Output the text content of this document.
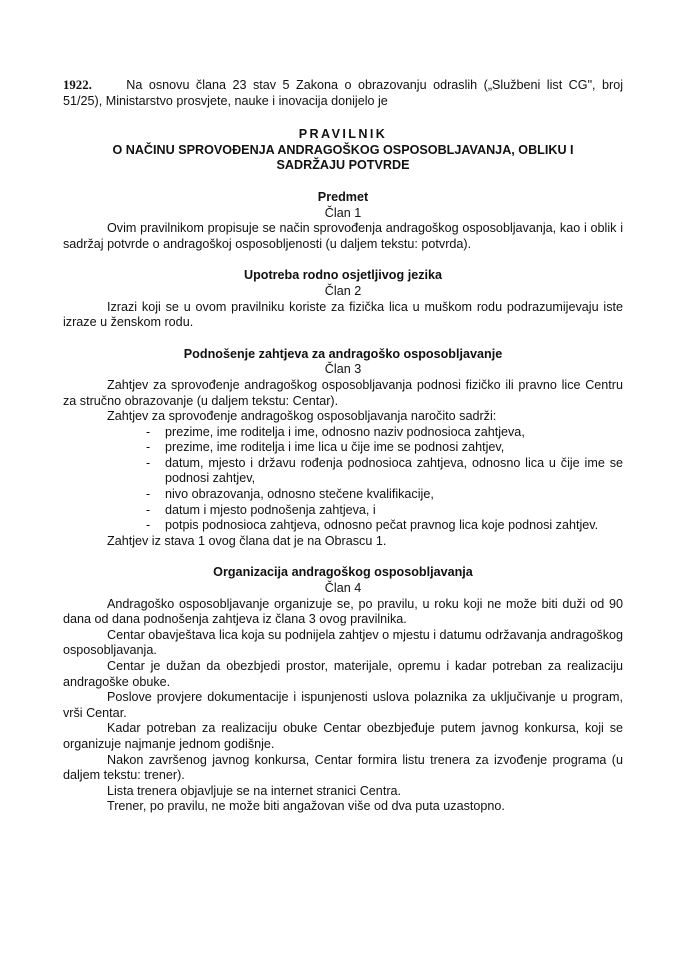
1922.	Na osnovu člana 23 stav 5 Zakona o obrazovanju odraslih („Službeni list CG", broj 51/25), Ministarstvo prosvjete, nauke i inovacija donijelo je

PRAVILNIK

O NAČINU SPROVOĐENJA ANDRAGOŠKOG OSPOSOBLJAVANJA, OBLIKU I SADRŽAJU POTVRDE

Predmet

Član 1

Ovim pravilnikom propisuje se način sprovođenja andragoškog osposobljavanja, kao i oblik i sadržaj potvrde o andragoškoj osposobljenosti (u daljem tekstu: potvrda).

Upotreba rodno osjetljivog jezika

Član 2

Izrazi koji se u ovom pravilniku koriste za fizička lica u muškom rodu podrazumijevaju iste izraze u ženskom rodu.

Podnošenje zahtjeva za andragoško osposobljavanje

Član 3

Zahtjev za sprovođenje andragoškog osposobljavanja podnosi fizičko ili pravno lice Centru za stručno obrazovanje (u daljem tekstu: Centar).

Zahtjev za sprovođenje andragoškog osposobljavanja naročito sadrži:

-	prezime, ime roditelja i ime, odnosno naziv podnosioca zahtjeva,
-	prezime, ime roditelja i ime lica u čije ime se podnosi zahtjev,
-	datum, mjesto i državu rođenja podnosioca zahtjeva, odnosno lica u čije ime se podnosi zahtjev,
-	nivo obrazovanja, odnosno stečene kvalifikacije,
-	datum i mjesto podnošenja zahtjeva, i
-	potpis podnosioca zahtjeva, odnosno pečat pravnog lica koje podnosi zahtjev.

Zahtjev iz stava 1 ovog člana dat je na Obrascu 1.

Organizacija andragoškog osposobljavanja

Član 4

Andragoško osposobljavanje organizuje se, po pravilu, u roku koji ne može biti duži od 90 dana od dana podnošenja zahtjeva iz člana 3 ovog pravilnika.

Centar obavještava lica koja su podnijela zahtjev o mjestu i datumu održavanja andragoškog osposobljavanja.

Centar je dužan da obezbjedi prostor, materijale, opremu i kadar potreban za realizaciju andragoške obuke.

Poslove provjere dokumentacije i ispunjenosti uslova polaznika za uključivanje u program, vrši Centar.

Kadar potreban za realizaciju obuke Centar obezbjeđuje putem javnog konkursa, koji se organizuje najmanje jednom godišnje.

Nakon završenog javnog konkursa, Centar formira listu trenera za izvođenje programa (u daljem tekstu: trener).

Lista trenera objavljuje se na internet stranici Centra.

Trener, po pravilu, ne može biti angažovan više od dva puta uzastopno.
